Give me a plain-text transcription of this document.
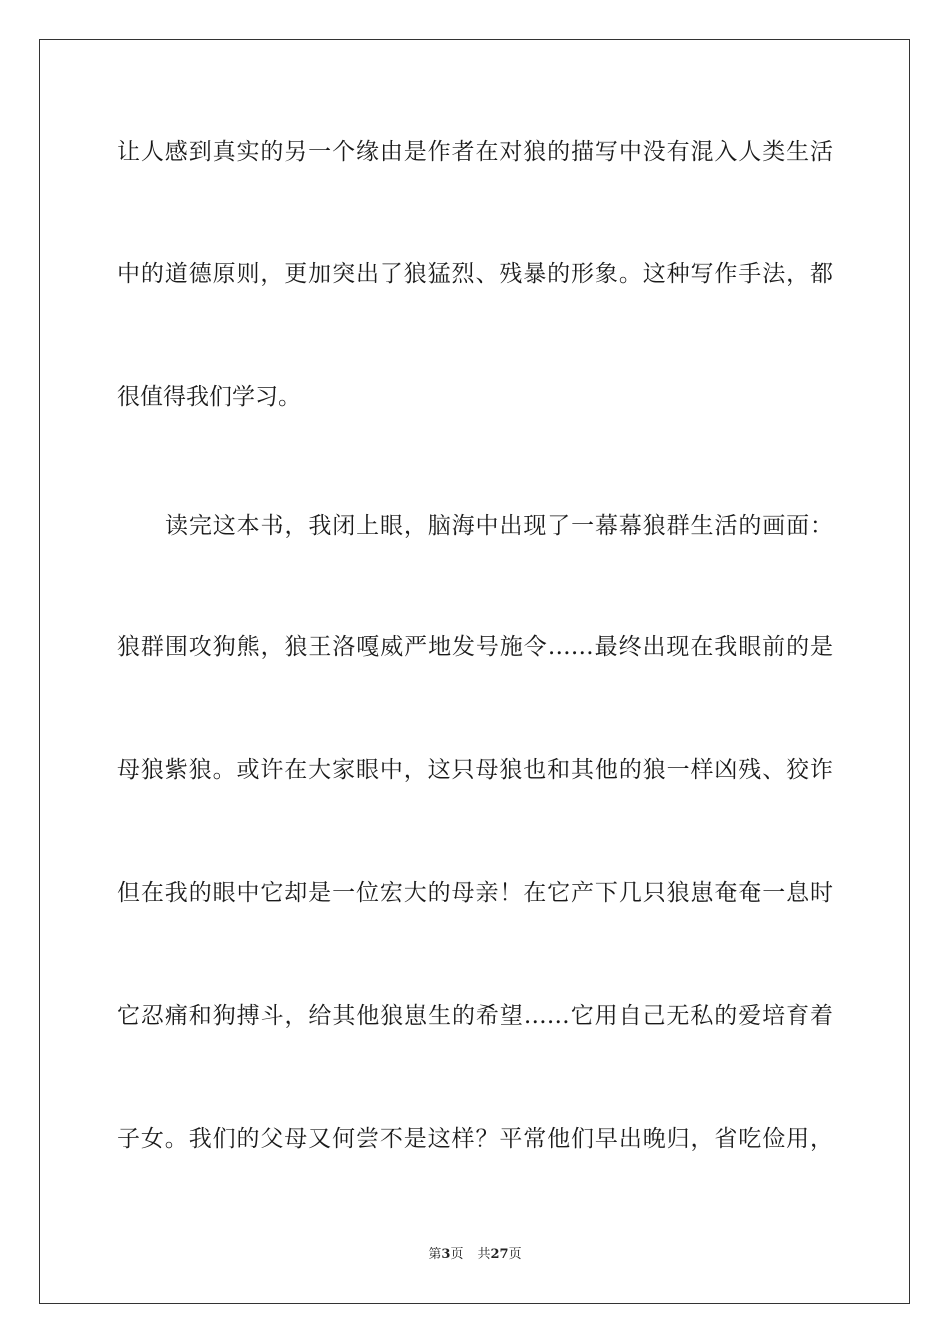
让人感到真实的另一个缘由是作者在对狼的描写中没有混入人类生活
中的道德原则，更加突出了狼猛烈、残暴的形象。这种写作手法，都
很值得我们学习。
读完这本书，我闭上眼，脑海中出现了一幕幕狼群生活的画面：
狼群围攻狗熊，狼王洛嘎威严地发号施令……最终出现在我眼前的是
母狼紫狼。或许在大家眼中，这只母狼也和其他的狼一样凶残、狡诈
但在我的眼中它却是一位宏大的母亲！在它产下几只狼崽奄奄一息时
它忍痛和狗搏斗，给其他狼崽生的希望……它用自己无私的爱培育着
子女。我们的父母又何尝不是这样？平常他们早出晚归，省吃俭用，
第3页 共27页
